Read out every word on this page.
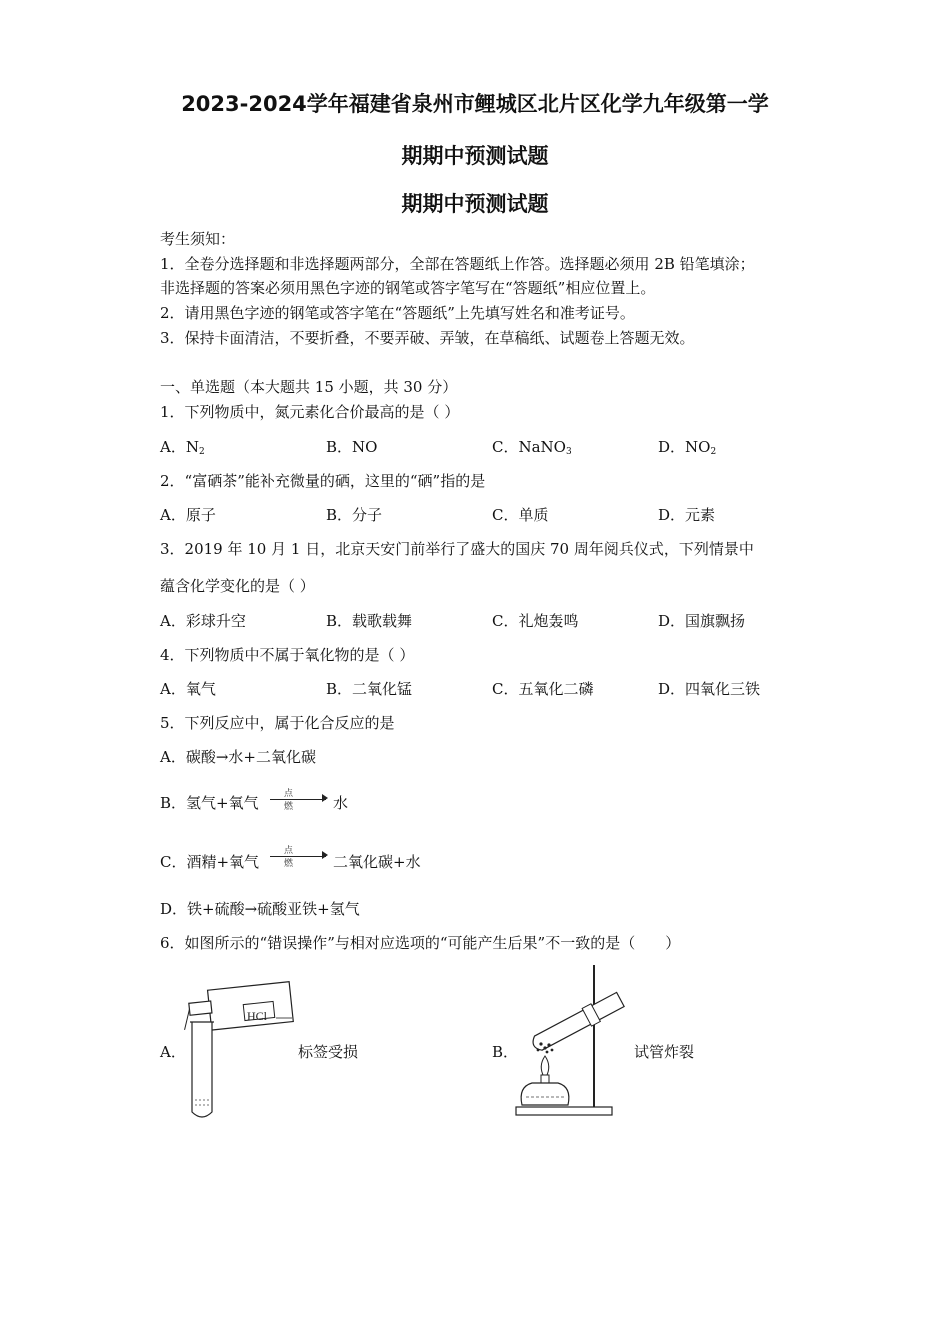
2023-2024学年福建省泉州市鲤城区北片区化学九年级第一学
期期中预测试题
期期中预测试题
考生须知：
1．全卷分选择题和非选择题两部分，全部在答题纸上作答。选择题必须用 2B 铅笔填涂；
非选择题的答案必须用黑色字迹的钢笔或答字笔写在“答题纸”相应位置上。
2．请用黑色字迹的钢笔或答字笔在“答题纸”上先填写姓名和准考证号。
3．保持卡面清洁，不要折叠，不要弄破、弄皱，在草稿纸、试题卷上答题无效。
一、单选题（本大题共 15 小题，共 30 分）
1．下列物质中，氮元素化合价最高的是（ ）
A．$N_2$	B．NO	C．NaNO$_3$	D．$NO_2$
2．“富硒茶”能补充微量的硒，这里的“硒”指的是
A．原子	B．分子	C．单质	D．元素
3．2019 年 10 月 1 日，北京天安门前举行了盛大的国庆 70 周年阅兵仪式，下列情景中
蕴含化学变化的是（ ）
A．彩球升空	B．载歌载舞	C．礼炮轰鸣	D．国旗飘扬
4．下列物质中不属于氧化物的是（ ）
A．氧气	B．二氧化锰	C．五氧化二磷	D．四氧化三铁
5．下列反应中，属于化合反应的是
A．碳酸→水+二氧化碳
B．氢气+氧气	点燃	水
C．酒精+氧气
点燃	二氧化碳+水
D．铁+硫酸→硫酸亚铁+氢气
6．如图所示的“错误操作”与相对应选项的“可能产生后果”不一致的是（　　）
A．
HCl
标签受损	B．	试管炸裂
